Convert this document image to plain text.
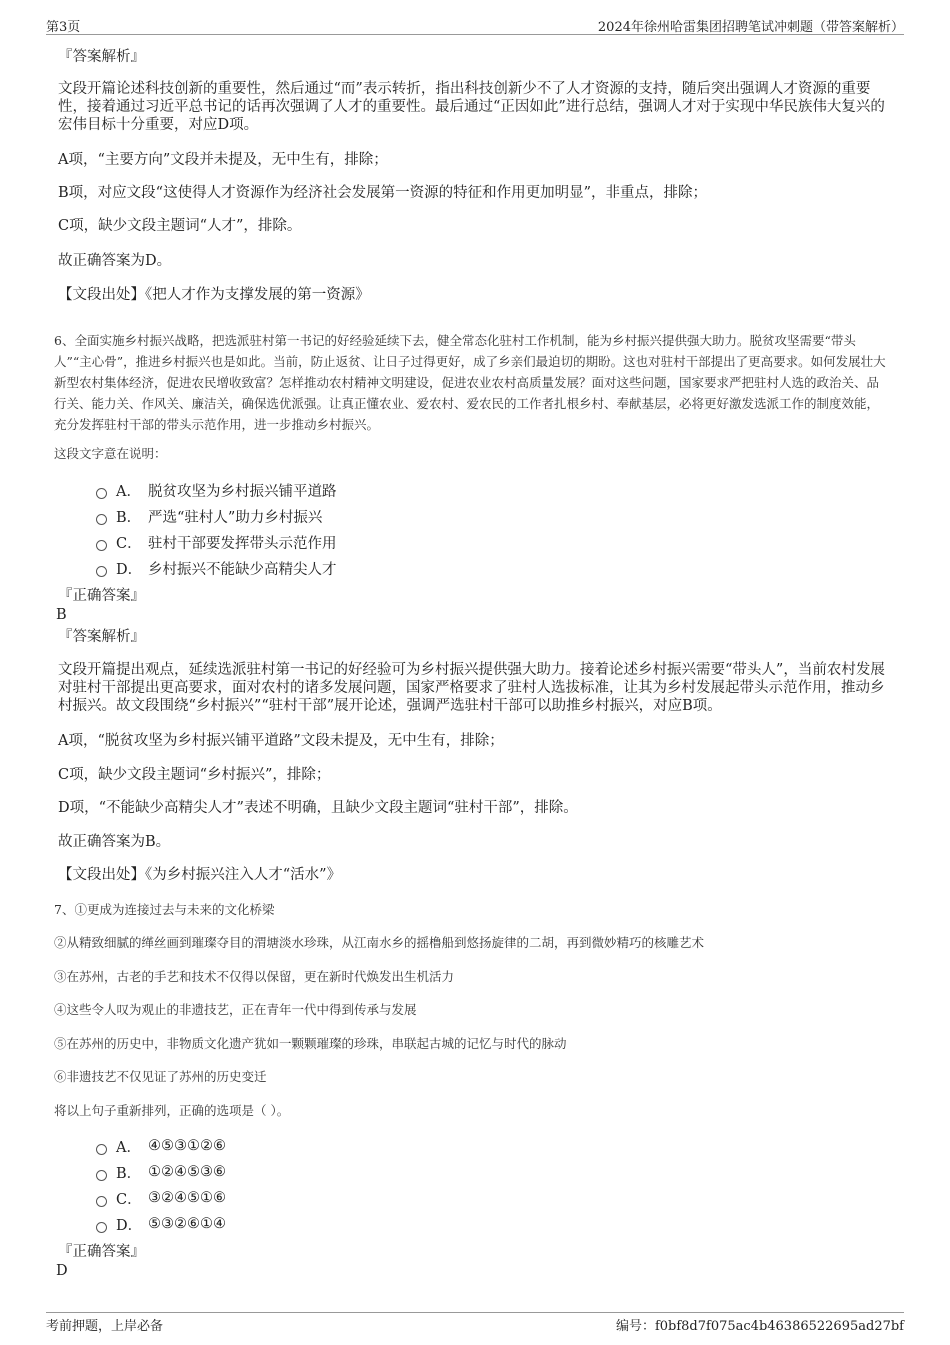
第3页	2024年徐州哈雷集团招聘笔试冲刺题（带答案解析）
『答案解析』
文段开篇论述科技创新的重要性，然后通过“而”表示转折，指出科技创新少不了人才资源的支持，随后突出强调人才资源的重要性，接着通过习近平总书记的话再次强调了人才的重要性。最后通过“正因如此”进行总结，强调人才对于实现中华民族伟大复兴的宏伟目标十分重要，对应D项。
A项，“主要方向”文段并未提及，无中生有，排除；
B项，对应文段“这使得人才资源作为经济社会发展第一资源的特征和作用更加明显”，非重点，排除；
C项，缺少文段主题词“人才”，排除。
故正确答案为D。
【文段出处】《把人才作为支撑发展的第一资源》
6、全面实施乡村振兴战略，把选派驻村第一书记的好经验延续下去，健全常态化驻村工作机制，能为乡村振兴提供强大助力。脱贫攻坚需要“带头人”“主心骨”，推进乡村振兴也是如此。当前，防止返贫、让日子过得更好，成了乡亲们最迫切的期盼。这也对驻村干部提出了更高要求。如何发展壮大新型农村集体经济，促进农民增收致富？怎样推动农村精神文明建设，促进农业农村高质量发展？面对这些问题，国家要求严把驻村人选的政治关、品行关、能力关、作风关、廉洁关，确保选优派强。让真正懂农业、爱农村、爱农民的工作者扎根乡村、奉献基层，必将更好激发选派工作的制度效能，充分发挥驻村干部的带头示范作用，进一步推动乡村振兴。
这段文字意在说明：
A． 脱贫攻坚为乡村振兴铺平道路
B． 严选“驻村人”助力乡村振兴
C． 驻村干部要发挥带头示范作用
D． 乡村振兴不能缺少高精尖人才
『正确答案』
B
『答案解析』
文段开篇提出观点，延续选派驻村第一书记的好经验可为乡村振兴提供强大助力。接着论述乡村振兴需要“带头人”，当前农村发展对驻村干部提出更高要求，面对农村的诸多发展问题，国家严格要求了驻村人选拔标准，让其为乡村发展起带头示范作用，推动乡村振兴。故文段围绕“乡村振兴”“驻村干部”展开论述，强调严选驻村干部可以助推乡村振兴，对应B项。
A项，“脱贫攻坚为乡村振兴铺平道路”文段未提及，无中生有，排除；
C项，缺少文段主题词“乡村振兴”，排除；
D项，“不能缺少高精尖人才”表述不明确，且缺少文段主题词“驻村干部”，排除。
故正确答案为B。
【文段出处】《为乡村振兴注入人才“活水”》
7、①更成为连接过去与未来的文化桥梁
②从精致细腻的缂丝画到璀璨夺目的渭塘淡水珍珠，从江南水乡的摇橹船到悠扬旋律的二胡，再到微妙精巧的核雕艺术
③在苏州，古老的手艺和技术不仅得以保留，更在新时代焕发出生机活力
④这些令人叹为观止的非遗技艺，正在青年一代中得到传承与发展
⑤在苏州的历史中，非物质文化遗产犹如一颗颗璀璨的珍珠，串联起古城的记忆与时代的脉动
⑥非遗技艺不仅见证了苏州的历史变迁
将以上句子重新排列，正确的选项是（ ）。
A． ④⑤③①②⑥
B． ①②④⑤③⑥
C． ③②④⑤①⑥
D． ⑤③②⑥①④
『正确答案』
D
考前押题，上岸必备	编号：f0bf8d7f075ac4b46386522695ad27bf
